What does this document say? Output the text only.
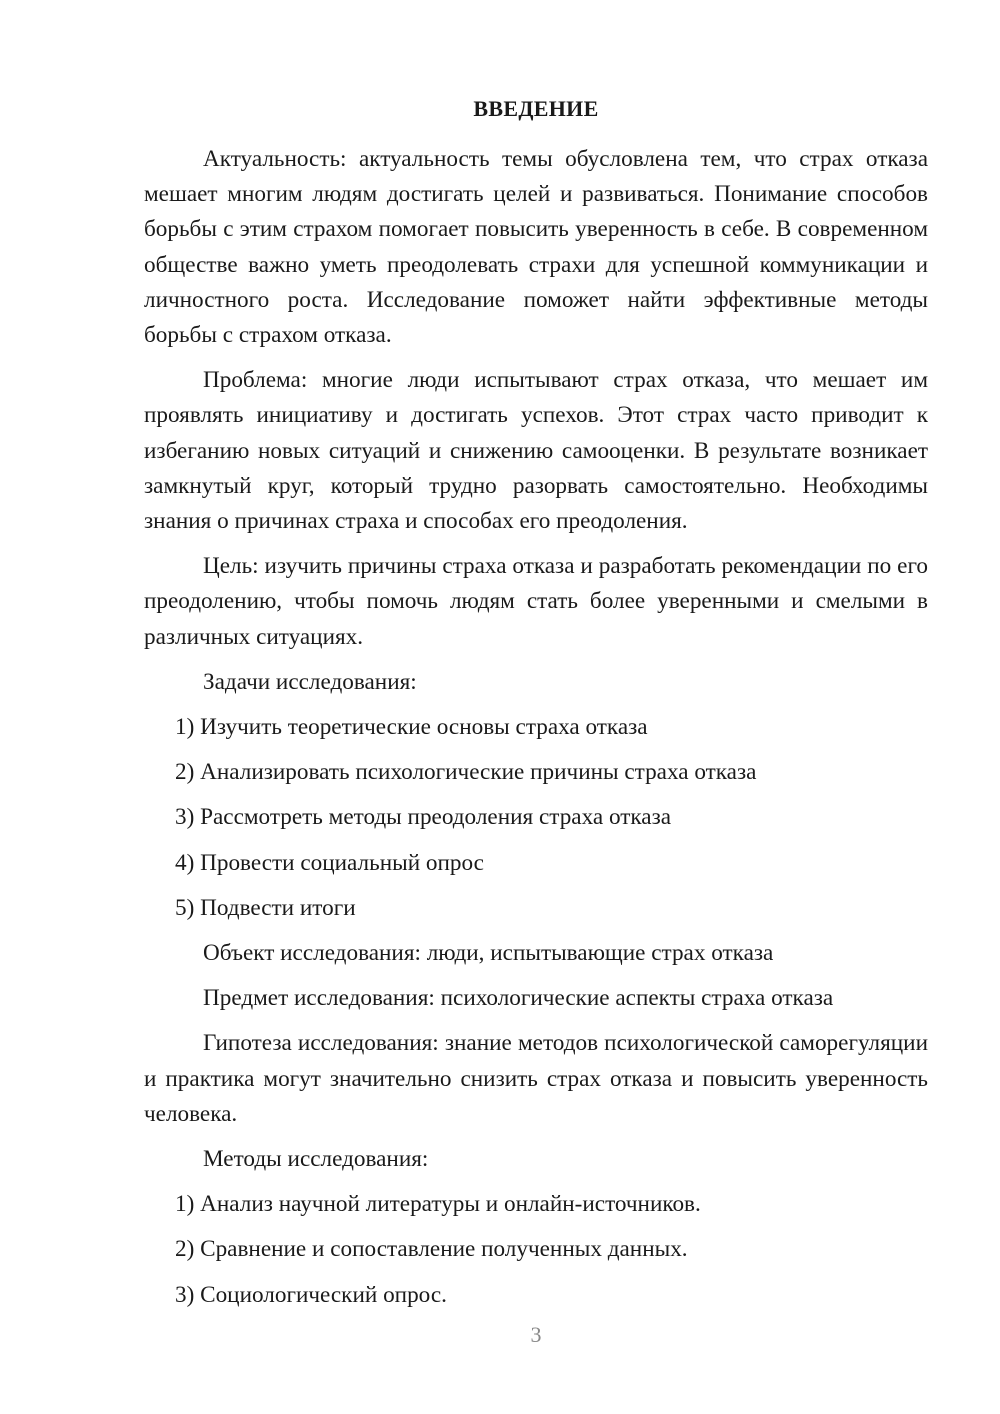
ВВЕДЕНИЕ

Актуальность: актуальность темы обусловлена тем, что страх отказа мешает многим людям достигать целей и развиваться. Понимание способов борьбы с этим страхом помогает повысить уверенность в себе. В современном обществе важно уметь преодолевать страхи для успешной коммуникации и личностного роста. Исследование поможет найти эффективные методы борьбы с страхом отказа.

Проблема: многие люди испытывают страх отказа, что мешает им проявлять инициативу и достигать успехов. Этот страх часто приводит к избеганию новых ситуаций и снижению самооценки. В результате возникает замкнутый круг, который трудно разорвать самостоятельно. Необходимы знания о причинах страха и способах его преодоления.

Цель: изучить причины страха отказа и разработать рекомендации по его преодолению, чтобы помочь людям стать более уверенными и смелыми в различных ситуациях.

Задачи исследования:

1) Изучить теоретические основы страха отказа

2) Анализировать психологические причины страха отказа

3) Рассмотреть методы преодоления страха отказа

4) Провести социальный опрос

5) Подвести итоги

Объект исследования: люди, испытывающие страх отказа

Предмет исследования: психологические аспекты страха отказа

Гипотеза исследования: знание методов психологической саморегуляции и практика могут значительно снизить страх отказа и повысить уверенность человека.

Методы исследования:

1) Анализ научной литературы и онлайн-источников.

2) Сравнение и сопоставление полученных данных.

3) Социологический опрос.

3
